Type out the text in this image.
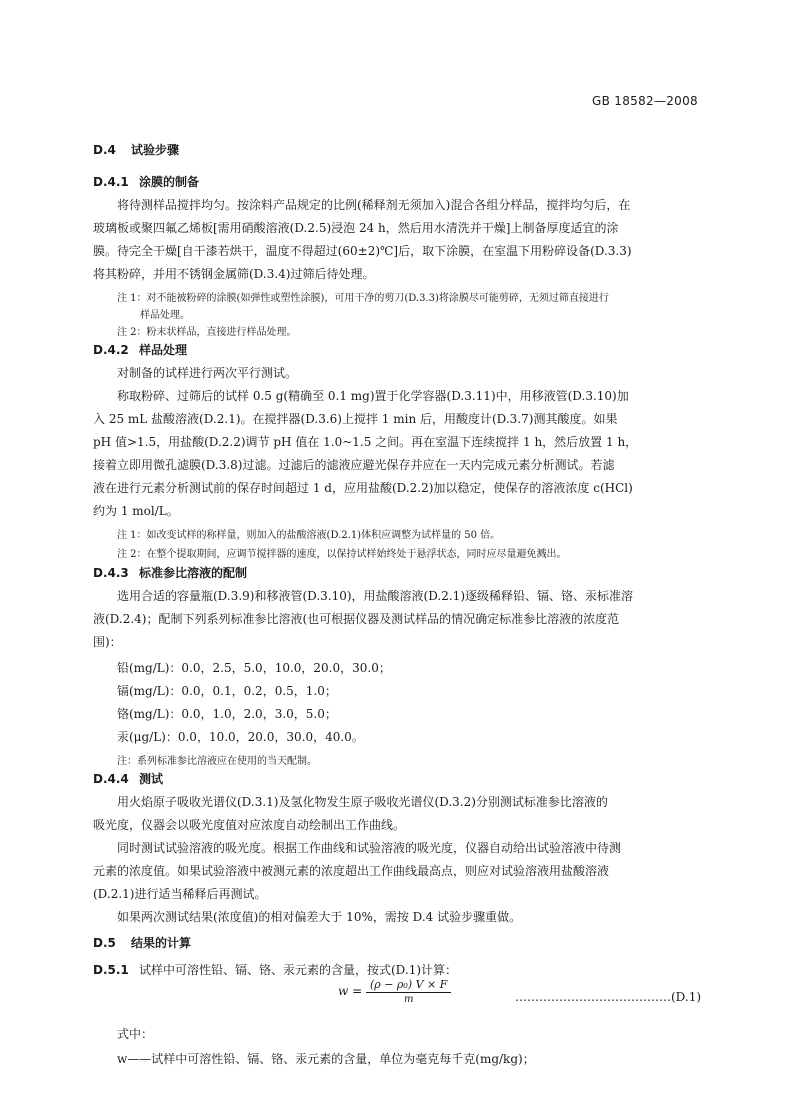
GB 18582—2008
D.4 试验步骤
D.4.1 涂膜的制备
将待测样品搅拌均匀。按涂料产品规定的比例(稀释剂无须加入)混合各组分样品，搅拌均匀后，在
玻璃板或聚四氟乙烯板[需用硝酸溶液(D.2.5)浸泡 24 h，然后用水清洗并干燥]上制备厚度适宜的涂
膜。待完全干燥[自干漆若烘干，温度不得超过(60±2)℃]后，取下涂膜，在室温下用粉碎设备(D.3.3)
将其粉碎，并用不锈钢金属筛(D.3.4)过筛后待处理。
注 1：对不能被粉碎的涂膜(如弹性或塑性涂膜)，可用干净的剪刀(D.3.3)将涂膜尽可能剪碎，无须过筛直接进行
样品处理。
注 2：粉末状样品，直接进行样品处理。
D.4.2 样品处理
对制备的试样进行两次平行测试。
称取粉碎、过筛后的试样 0.5 g(精确至 0.1 mg)置于化学容器(D.3.11)中，用移液管(D.3.10)加
入 25 mL 盐酸溶液(D.2.1)。在搅拌器(D.3.6)上搅拌 1 min 后，用酸度计(D.3.7)测其酸度。如果
pH 值>1.5，用盐酸(D.2.2)调节 pH 值在 1.0~1.5 之间。再在室温下连续搅拌 1 h，然后放置 1 h，
接着立即用微孔滤膜(D.3.8)过滤。过滤后的滤液应避光保存并应在一天内完成元素分析测试。若滤
液在进行元素分析测试前的保存时间超过 1 d，应用盐酸(D.2.2)加以稳定，使保存的溶液浓度 c(HCl)
约为 1 mol/L。
注 1：如改变试样的称样量，则加入的盐酸溶液(D.2.1)体积应调整为试样量的 50 倍。
注 2：在整个提取期间，应调节搅拌器的速度，以保持试样始终处于悬浮状态，同时应尽量避免溅出。
D.4.3 标准参比溶液的配制
选用合适的容量瓶(D.3.9)和移液管(D.3.10)，用盐酸溶液(D.2.1)逐级稀释铅、镉、铬、汞标准溶
液(D.2.4)；配制下列系列标准参比溶液(也可根据仪器及测试样品的情况确定标准参比溶液的浓度范
围)：
铅(mg/L)：0.0，2.5，5.0，10.0，20.0，30.0；
镉(mg/L)：0.0，0.1，0.2，0.5，1.0；
铬(mg/L)：0.0，1.0，2.0，3.0，5.0；
汞(μg/L)：0.0，10.0，20.0，30.0，40.0。
注：系列标准参比溶液应在使用的当天配制。
D.4.4 测试
用火焰原子吸收光谱仪(D.3.1)及氢化物发生原子吸收光谱仪(D.3.2)分别测试标准参比溶液的
吸光度，仪器会以吸光度值对应浓度自动绘制出工作曲线。
同时测试试验溶液的吸光度。根据工作曲线和试验溶液的吸光度，仪器自动给出试验溶液中待测
元素的浓度值。如果试验溶液中被测元素的浓度超出工作曲线最高点，则应对试验溶液用盐酸溶液
(D.2.1)进行适当稀释后再测试。
如果两次测试结果(浓度值)的相对偏差大于 10%，需按 D.4 试验步骤重做。
D.5 结果的计算
D.5.1 试样中可溶性铅、镉、铬、汞元素的含量，按式(D.1)计算：
$w = \frac{\text{(ρ − ρ₀) V × F}}{m}$	…………………………………(D.1)
式中：
w——试样中可溶性铅、镉、铬、汞元素的含量，单位为毫克每千克(mg/kg)；
